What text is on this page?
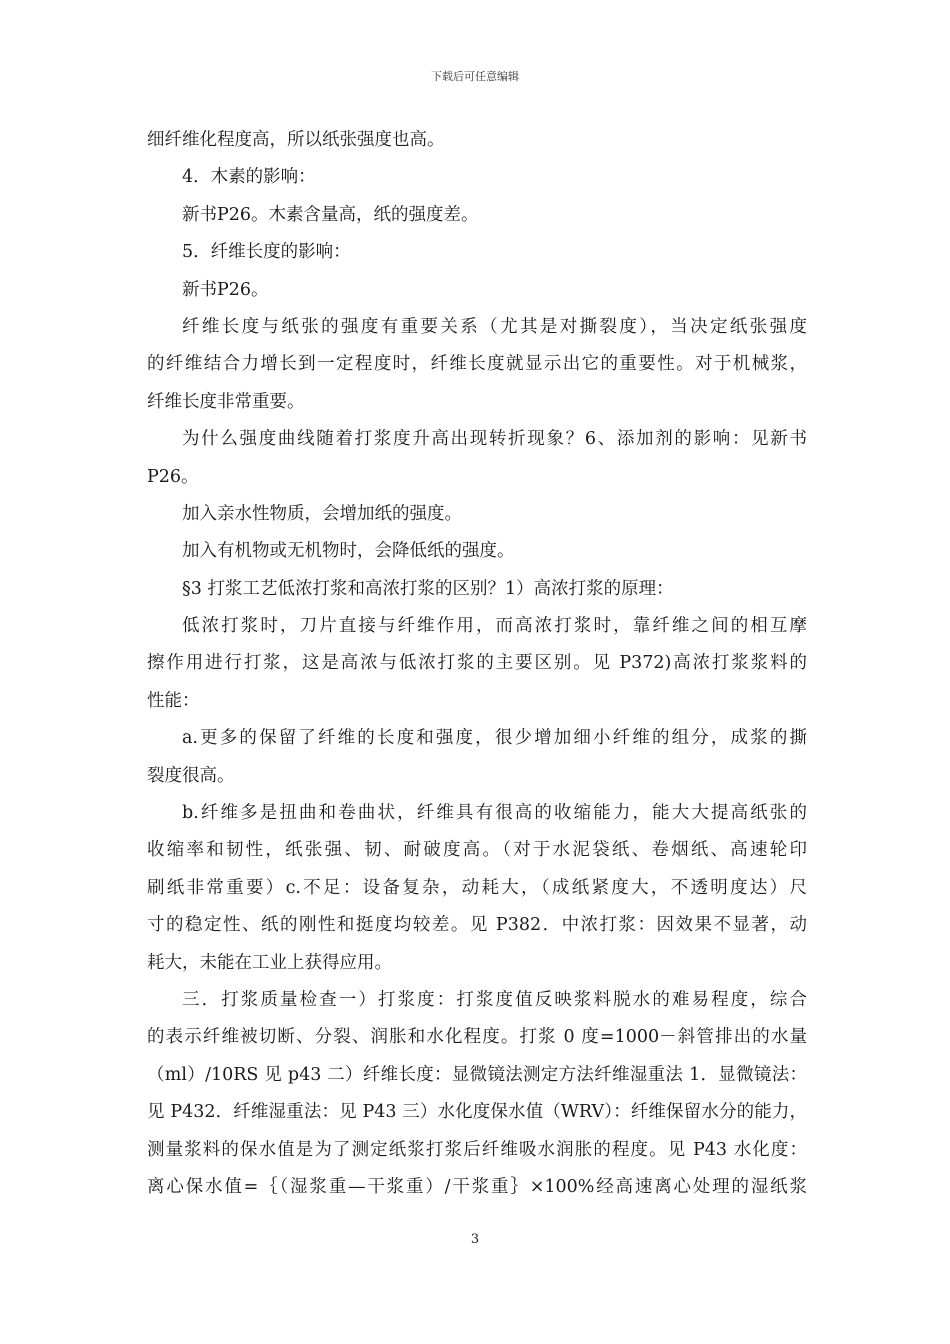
下载后可任意编辑
细纤维化程度高，所以纸张强度也高。
4．木素的影响：
新书P26。木素含量高，纸的强度差。
5．纤维长度的影响：
新书P26。
纤维长度与纸张的强度有重要关系（尤其是对撕裂度），当决定纸张强度
的纤维结合力增长到一定程度时，纤维长度就显示出它的重要性。对于机械浆，
纤维长度非常重要。
为什么强度曲线随着打浆度升高出现转折现象？6、添加剂的影响：见新书
P26。
加入亲水性物质，会增加纸的强度。
加入有机物或无机物时，会降低纸的强度。
§3 打浆工艺低浓打浆和高浓打浆的区别？1）高浓打浆的原理：
低浓打浆时，刀片直接与纤维作用，而高浓打浆时，靠纤维之间的相互摩
擦作用进行打浆，这是高浓与低浓打浆的主要区别。见 P372)高浓打浆浆料的
性能：
a.更多的保留了纤维的长度和强度，很少增加细小纤维的组分，成浆的撕
裂度很高。
b.纤维多是扭曲和卷曲状，纤维具有很高的收缩能力，能大大提高纸张的
收缩率和韧性，纸张强、韧、耐破度高。（对于水泥袋纸、卷烟纸、高速轮印
刷纸非常重要）c.不足：设备复杂，动耗大，（成纸紧度大，不透明度达）尺
寸的稳定性、纸的刚性和挺度均较差。见 P382．中浓打浆：因效果不显著，动
耗大，未能在工业上获得应用。
三．打浆质量检查一）打浆度：打浆度值反映浆料脱水的难易程度，综合
的表示纤维被切断、分裂、润胀和水化程度。打浆 0 度=1000－斜管排出的水量
（ml）/10RS 见 p43 二）纤维长度：显微镜法测定方法纤维湿重法 1．显微镜法：
见 P432．纤维湿重法：见 P43 三）水化度保水值（WRV）：纤维保留水分的能力，
测量浆料的保水值是为了测定纸浆打浆后纤维吸水润胀的程度。见 P43 水化度：
离心保水值=｛（湿浆重—干浆重）/干浆重｝×100%经高速离心处理的湿纸浆
3
